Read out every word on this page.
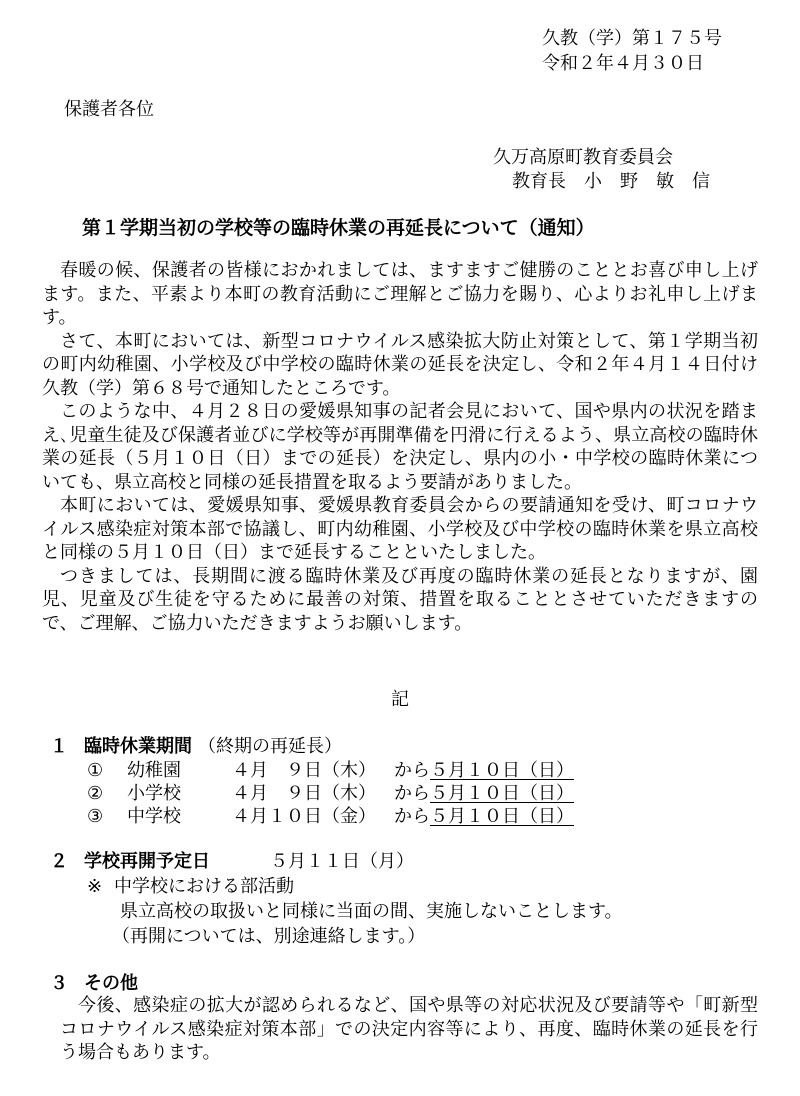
久教（学）第１７５号
令和２年４月３０日
保護者各位
久万高原町教育委員会
教育長　小　野　敏　信
第１学期当初の学校等の臨時休業の再延長について（通知）

春暖の候、保護者の皆様におかれましては、ますますご健勝のこととお喜び申し上げます。また、平素より本町の教育活動にご理解とご協力を賜り、心よりお礼申し上げます。

さて、本町においては、新型コロナウイルス感染拡大防止対策として、第１学期当初の町内幼稚園、小学校及び中学校の臨時休業の延長を決定し、令和２年４月１４日付け久教（学）第６８号で通知したところです。

このような中、４月２８日の愛媛県知事の記者会見において、国や県内の状況を踏まえ､児童生徒及び保護者並びに学校等が再開準備を円滑に行えるよう、県立高校の臨時休業の延長（５月１０日（日）までの延長）を決定し、県内の小・中学校の臨時休業についても、県立高校と同様の延長措置を取るよう要請がありました。

本町においては、愛媛県知事、愛媛県教育委員会からの要請通知を受け、町コロナウイルス感染症対策本部で協議し、町内幼稚園、小学校及び中学校の臨時休業を県立高校と同様の５月１０日（日）まで延長することといたしました。

つきましては、長期間に渡る臨時休業及び再度の臨時休業の延長となりますが、園児、児童及び生徒を守るために最善の対策、措置を取ることとさせていただきますので、ご理解、ご協力いただきますようお願いします。

記
１ 臨時休業期間 （終期の再延長）
① 幼稚園	４月　９日（木） から ５月１０日（日）
② 小学校	４月　９日（木） から ５月１０日（日）
③ 中学校	４月１０日（金） から ５月１０日（日）
２ 学校再開予定日	５月１１日（月）
※ 中学校における部活動
県立高校の取扱いと同様に当面の間、実施しないことします。
（再開については、別途連絡します。）
３ その他

今後、感染症の拡大が認められるなど、国や県等の対応状況及び要請等や「町新型コロナウイルス感染症対策本部」での決定内容等により、再度、臨時休業の延長を行う場合もあります。
